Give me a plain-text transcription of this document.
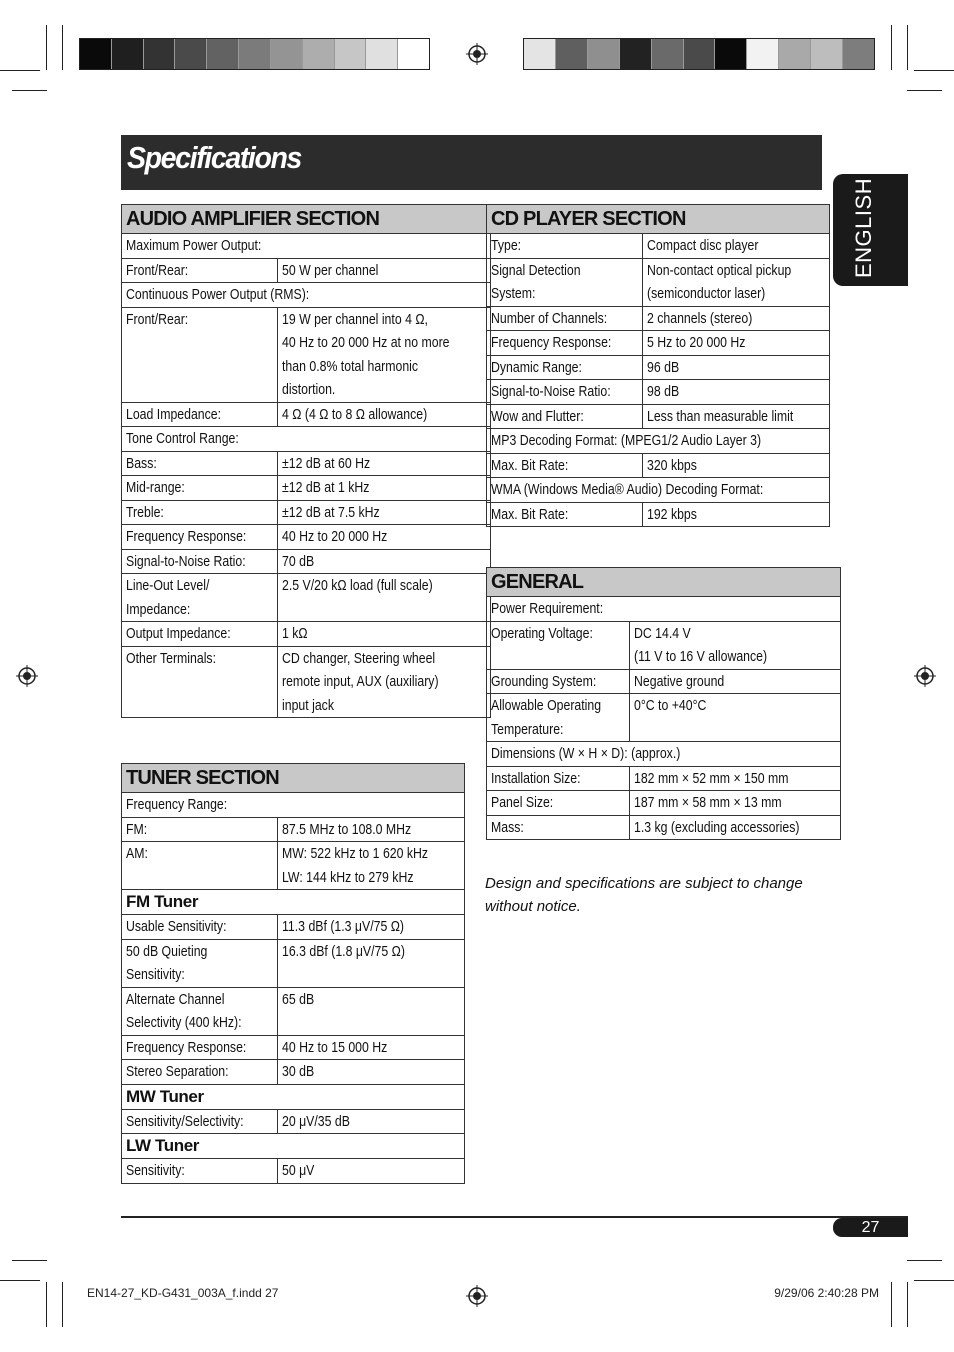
Specifications
ENGLISH
AUDIO AMPLIFIER SECTION	
Maximum Power Output:	
Front/Rear:	50 W per channel
Continuous Power Output (RMS):	
Front/Rear:	19 W per channel into 4 Ω,
40 Hz to 20 000 Hz at no more
than 0.8% total harmonic
distortion.
Load Impedance:	4 Ω (4 Ω to 8 Ω allowance)
Tone Control Range:	
Bass:	±12 dB at 60 Hz
Mid-range:	±12 dB at 1 kHz
Treble:	±12 dB at 7.5 kHz
Frequency Response:	40 Hz to 20 000 Hz
Signal-to-Noise Ratio:	70 dB
Line-Out Level/
Impedance:	2.5 V/20 kΩ load (full scale)
Output Impedance:	1 kΩ
Other Terminals:	CD changer, Steering wheel
remote input, AUX (auxiliary)
input jack
TUNER SECTION	
Frequency Range:	
FM:	87.5 MHz to 108.0 MHz
AM:	MW: 522 kHz to 1 620 kHz
LW: 144 kHz to 279 kHz
FM Tuner	
Usable Sensitivity:	11.3 dBf (1.3 μV/75 Ω)
50 dB Quieting
Sensitivity:	16.3 dBf (1.8 μV/75 Ω)
Alternate Channel
Selectivity (400 kHz):	65 dB
Frequency Response:	40 Hz to 15 000 Hz
Stereo Separation:	30 dB
MW Tuner	
Sensitivity/Selectivity:	20 μV/35 dB
LW Tuner	
Sensitivity:	50 μV
CD PLAYER SECTION	
Type:	Compact disc player
Signal Detection
System:	Non-contact optical pickup
(semiconductor laser)
Number of Channels:	2 channels (stereo)
Frequency Response:	5 Hz to 20 000 Hz
Dynamic Range:	96 dB
Signal-to-Noise Ratio:	98 dB
Wow and Flutter:	Less than measurable limit
MP3 Decoding Format: (MPEG1/2 Audio Layer 3)	
Max. Bit Rate:	320 kbps
WMA (Windows Media® Audio) Decoding Format:	
Max. Bit Rate:	192 kbps
GENERAL	
Power Requirement:	
Operating Voltage:	DC 14.4 V
(11 V to 16 V allowance)
Grounding System:	Negative ground
Allowable Operating
Temperature:	0°C to +40°C
Dimensions (W × H × D): (approx.)	
Installation Size:	182 mm × 52 mm × 150 mm
Panel Size:	187 mm × 58 mm × 13 mm
Mass:	1.3 kg (excluding accessories)
Design and specifications are subject to change without notice.
27
EN14-27_KD-G431_003A_f.indd 27	9/29/06 2:40:28 PM
